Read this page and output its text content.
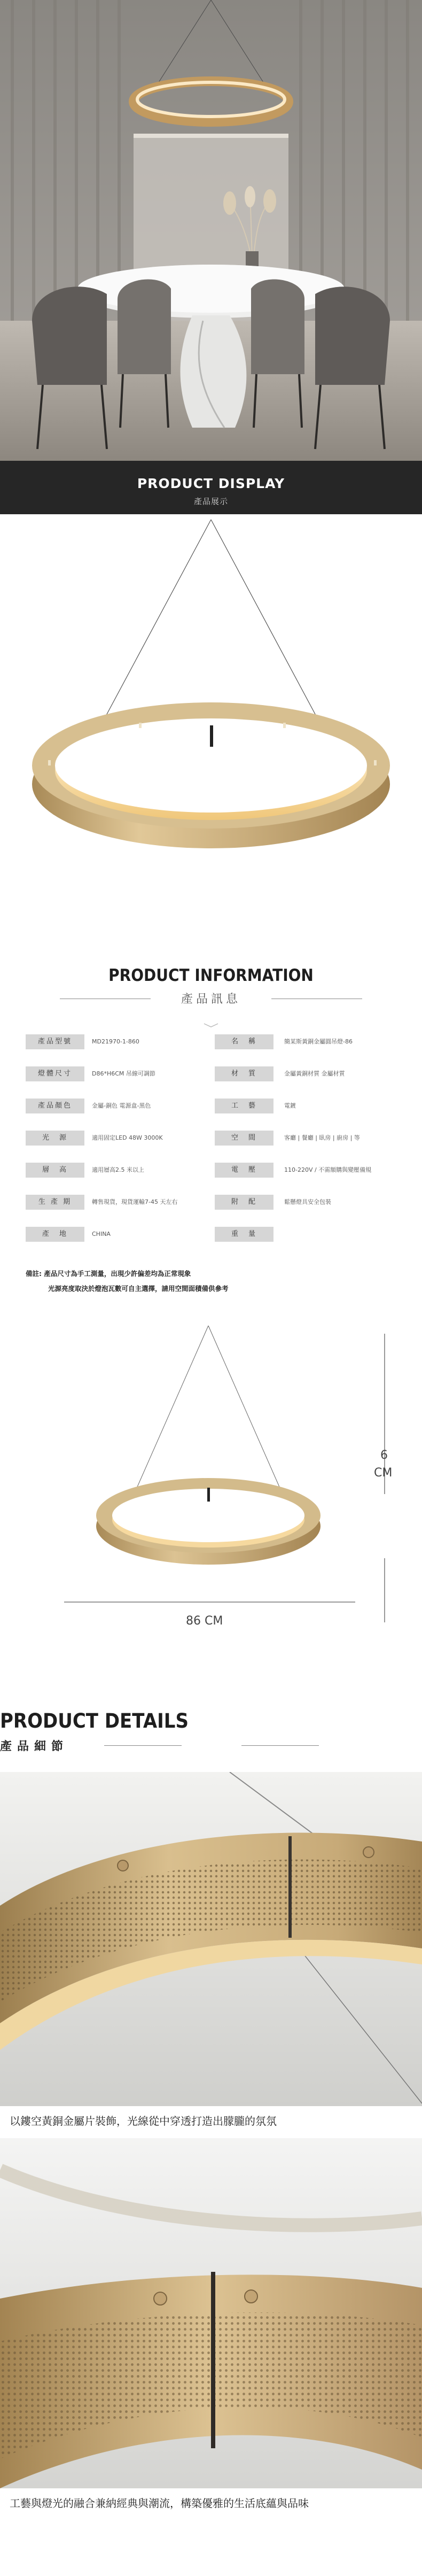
PRODUCT DISPLAY
產品展示
PRODUCT INFORMATION
產品訊息
產品型號	MD21970-1-860	名　稱	簡某斯黃銅金屬圓吊燈-86
燈體尺寸	D86*H6CM 吊線可調節	材　質	金屬黃銅材質 金屬材質
產品顏色	金屬-銅色 電源盒-黑色	工　藝	電鍍
光　源	適用固定LED 48W 3000K	空　間	客廳 | 餐廳 | 臥房 | 廚房 | 等
層　高	適用層高2.5 米以上	電　壓	110-220V / 不需額購與變壓備規
生 產 期	轉售現貨，現貨運輸7-45 天左右	附　配	鬆懸燈具安全包裝
產　地	CHINA	重　量
備註: 產品尺寸為手工測量，出現少許偏差均為正常現象
光源亮度取決於燈泡瓦數可自主選擇，請用空間面積備供參考
6
CM
86 CM
PRODUCT DETAILS
產品細節
以鏤空黃銅金屬片裝飾，光線從中穿透打造出朦朧的氛氛
工藝與燈光的融合兼納經典與潮流，構築優雅的生活底蘊與品味
